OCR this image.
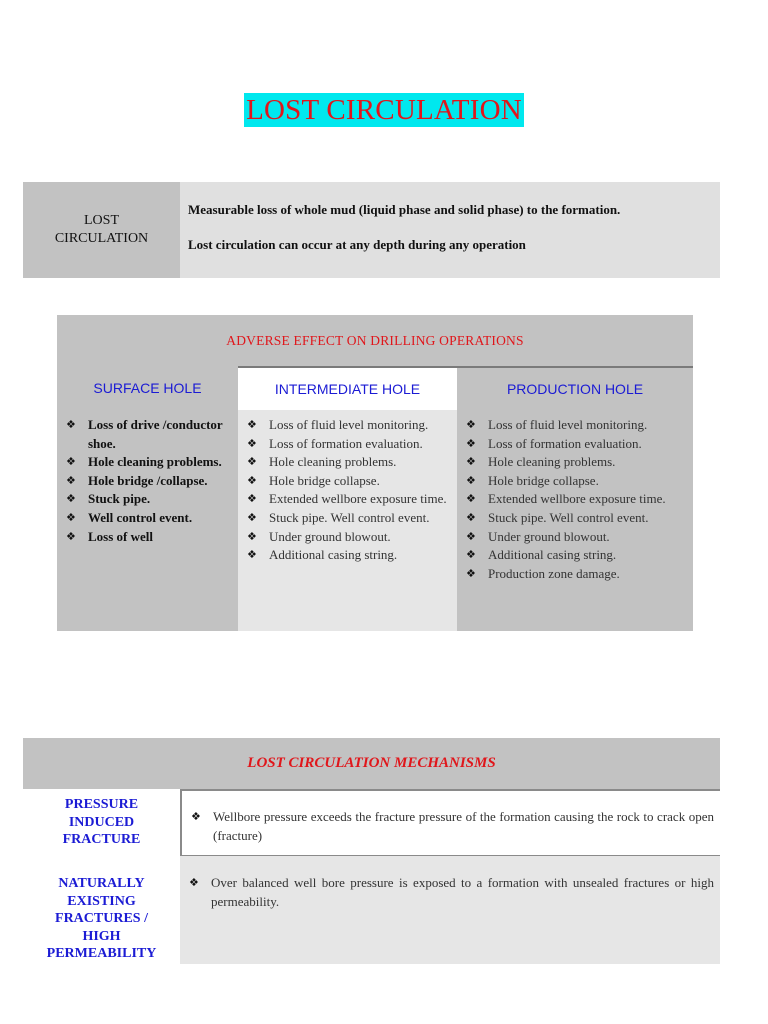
LOST CIRCULATION
LOST
CIRCULATION

Measurable loss of whole mud (liquid phase and solid phase) to the formation.

Lost circulation can occur at any depth during any operation

ADVERSE EFFECT ON DRILLING OPERATIONS
SURFACE HOLE
❖ Loss of drive /conductor shoe.
❖ Hole cleaning problems.
❖ Hole bridge /collapse.
❖ Stuck pipe.
❖ Well control event.
❖ Loss of well
INTERMEDIATE HOLE
❖ Loss of fluid level monitoring.
❖ Loss of formation evaluation.
❖ Hole cleaning problems.
❖ Hole bridge collapse.
❖ Extended wellbore exposure time.
❖ Stuck pipe. Well control event.
❖ Under ground blowout.
❖ Additional casing string.
PRODUCTION HOLE
❖ Loss of fluid level monitoring.
❖ Loss of formation evaluation.
❖ Hole cleaning problems.
❖ Hole bridge collapse.
❖ Extended wellbore exposure time.
❖ Stuck pipe. Well control event.
❖ Under ground blowout.
❖ Additional casing string.
❖ Production zone damage.
LOST CIRCULATION MECHANISMS
PRESSURE
INDUCED
FRACTURE
❖ Wellbore pressure exceeds the fracture pressure of the formation causing the rock to crack open (fracture)
NATURALLY
EXISTING
FRACTURES /
HIGH
PERMEABILITY
❖ Over balanced well bore pressure is exposed to a formation with unsealed fractures or high permeability.
